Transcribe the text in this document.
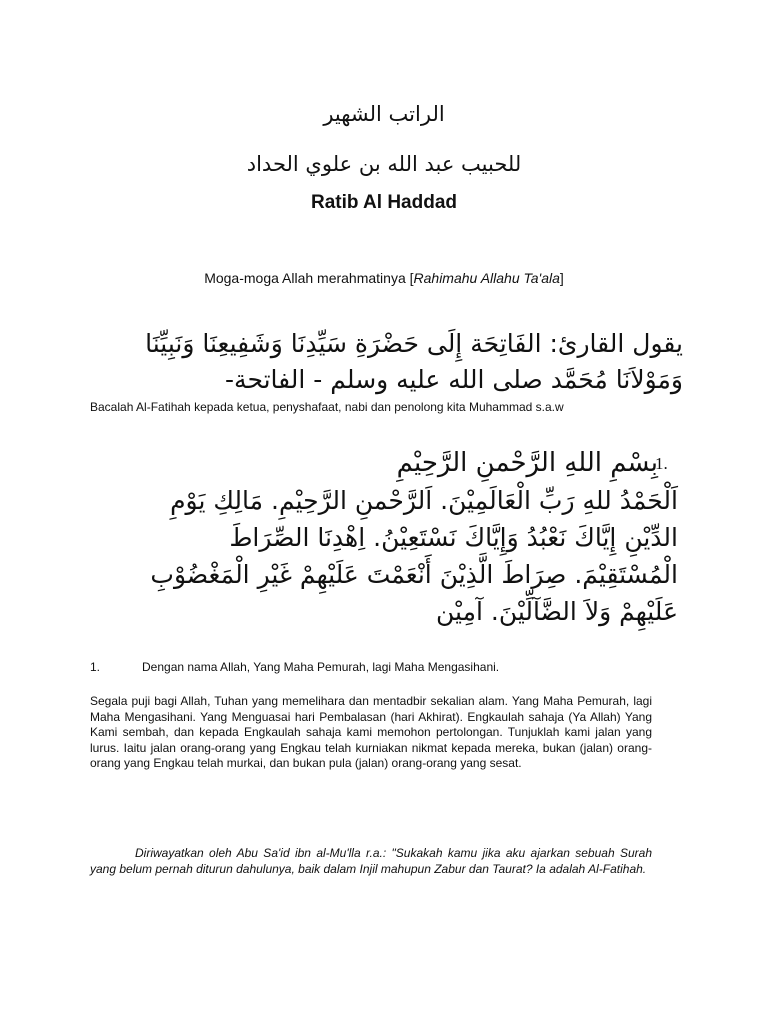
الراتب الشهير
للحبيب عبد الله بن علوي الحداد
Ratib Al Haddad
Moga-moga Allah merahmatinya [Rahimahu Allahu Ta'ala]
يقول القارئ: الفَاتِحَة إِلَى حَضْرَةِ سَيِّدِنَا وَشَفِيعِنَا وَنَبِيِّنَا
وَمَوْلاَنَا مُحَمَّد صلى الله عليه وسلم - الفاتحة-
Bacalah Al-Fatihah kepada ketua, penyshafaat, nabi dan penolong kita Muhammad s.a.w
بِسْمِ اللهِ الرَّحْمنِ الرَّحِيْمِ
1.
اَلْحَمْدُ للهِ رَبِّ الْعَالَمِيْنَ. اَلرَّحْمنِ الرَّحِيْمِ. مَالِكِ يَوْمِ
الدِّيْنِ إِيَّاكَ نَعْبُدُ وَإِيَّاكَ نَسْتَعِيْنُ. اِهْدِنَا الصِّرَاطَ
الْمُسْتَقِيْمَ. صِرَاطَ الَّذِيْنَ أَنْعَمْتَ عَلَيْهِمْ غَيْرِ الْمَغْضُوْبِ
عَلَيْهِمْ وَلاَ الضَّآلِّيْنَ. آمِيْن
1.	Dengan nama Allah, Yang Maha Pemurah, lagi Maha Mengasihani.
Segala puji bagi Allah, Tuhan yang memelihara dan mentadbir sekalian alam. Yang Maha Pemurah, lagi Maha Mengasihani. Yang Menguasai hari Pembalasan (hari Akhirat). Engkaulah sahaja (Ya Allah) Yang Kami sembah, dan kepada Engkaulah sahaja kami memohon pertolongan. Tunjuklah kami jalan yang lurus. Iaitu jalan orang-orang yang Engkau telah kurniakan nikmat kepada mereka, bukan (jalan) orang-orang yang Engkau telah murkai, dan bukan pula (jalan) orang-orang yang sesat.
Diriwayatkan oleh Abu Sa'id ibn al-Mu'lla r.a.: "Sukakah kamu jika aku ajarkan sebuah Surah yang belum pernah diturun dahulunya, baik dalam Injil mahupun Zabur dan Taurat? Ia adalah Al-Fatihah.
